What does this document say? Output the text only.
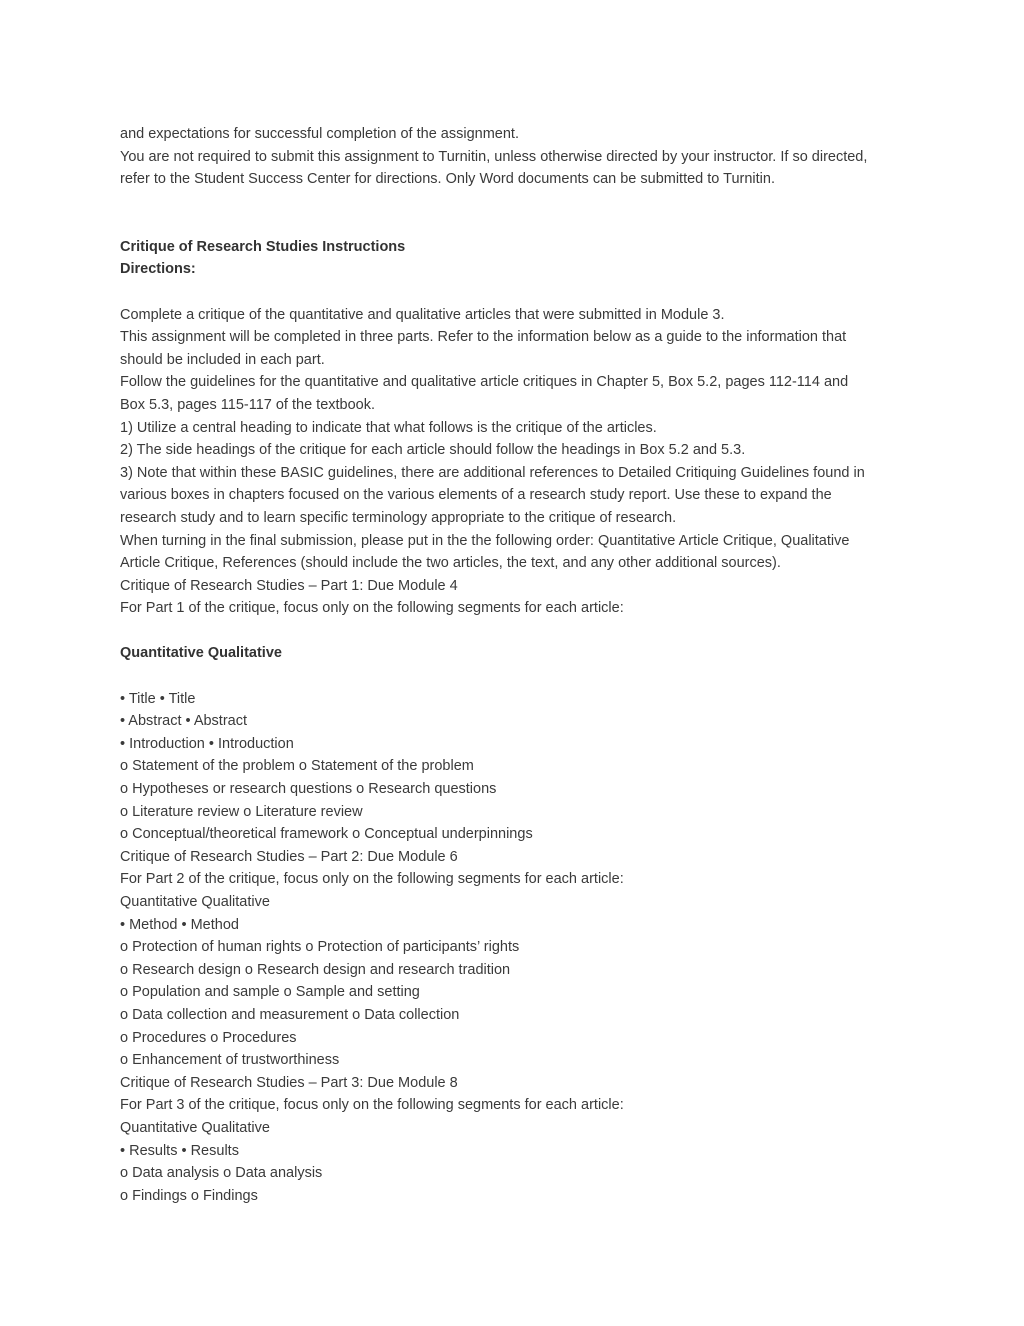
and expectations for successful completion of the assignment.

You are not required to submit this assignment to Turnitin, unless otherwise directed by your instructor. If so directed,

refer to the Student Success Center for directions. Only Word documents can be submitted to Turnitin.

Critique of Research Studies Instructions

Directions:

Complete a critique of the quantitative and qualitative articles that were submitted in Module 3.

This assignment will be completed in three parts. Refer to the information below as a guide to the information that

should be included in each part.

Follow the guidelines for the quantitative and qualitative article critiques in Chapter 5, Box 5.2, pages 112-114 and

Box 5.3, pages 115-117 of the textbook.

1) Utilize a central heading to indicate that what follows is the critique of the articles.

2) The side headings of the critique for each article should follow the headings in Box 5.2 and 5.3.

3) Note that within these BASIC guidelines, there are additional references to Detailed Critiquing Guidelines found in

various boxes in chapters focused on the various elements of a research study report. Use these to expand the

research study and to learn specific terminology appropriate to the critique of research.

When turning in the final submission, please put in the the following order: Quantitative Article Critique, Qualitative

Article Critique, References (should include the two articles, the text, and any other additional sources).

Critique of Research Studies – Part 1: Due Module 4

For Part 1 of the critique, focus only on the following segments for each article:

Quantitative Qualitative

• Title • Title

• Abstract • Abstract

• Introduction • Introduction

o Statement of the problem o Statement of the problem

o Hypotheses or research questions o Research questions

o Literature review o Literature review

o Conceptual/theoretical framework o Conceptual underpinnings

Critique of Research Studies – Part 2: Due Module 6

For Part 2 of the critique, focus only on the following segments for each article:

Quantitative Qualitative

• Method • Method

o Protection of human rights o Protection of participants’ rights

o Research design o Research design and research tradition

o Population and sample o Sample and setting

o Data collection and measurement o Data collection

o Procedures o Procedures

o Enhancement of trustworthiness

Critique of Research Studies – Part 3: Due Module 8

For Part 3 of the critique, focus only on the following segments for each article:

Quantitative Qualitative

• Results • Results

o Data analysis o Data analysis

o Findings o Findings
